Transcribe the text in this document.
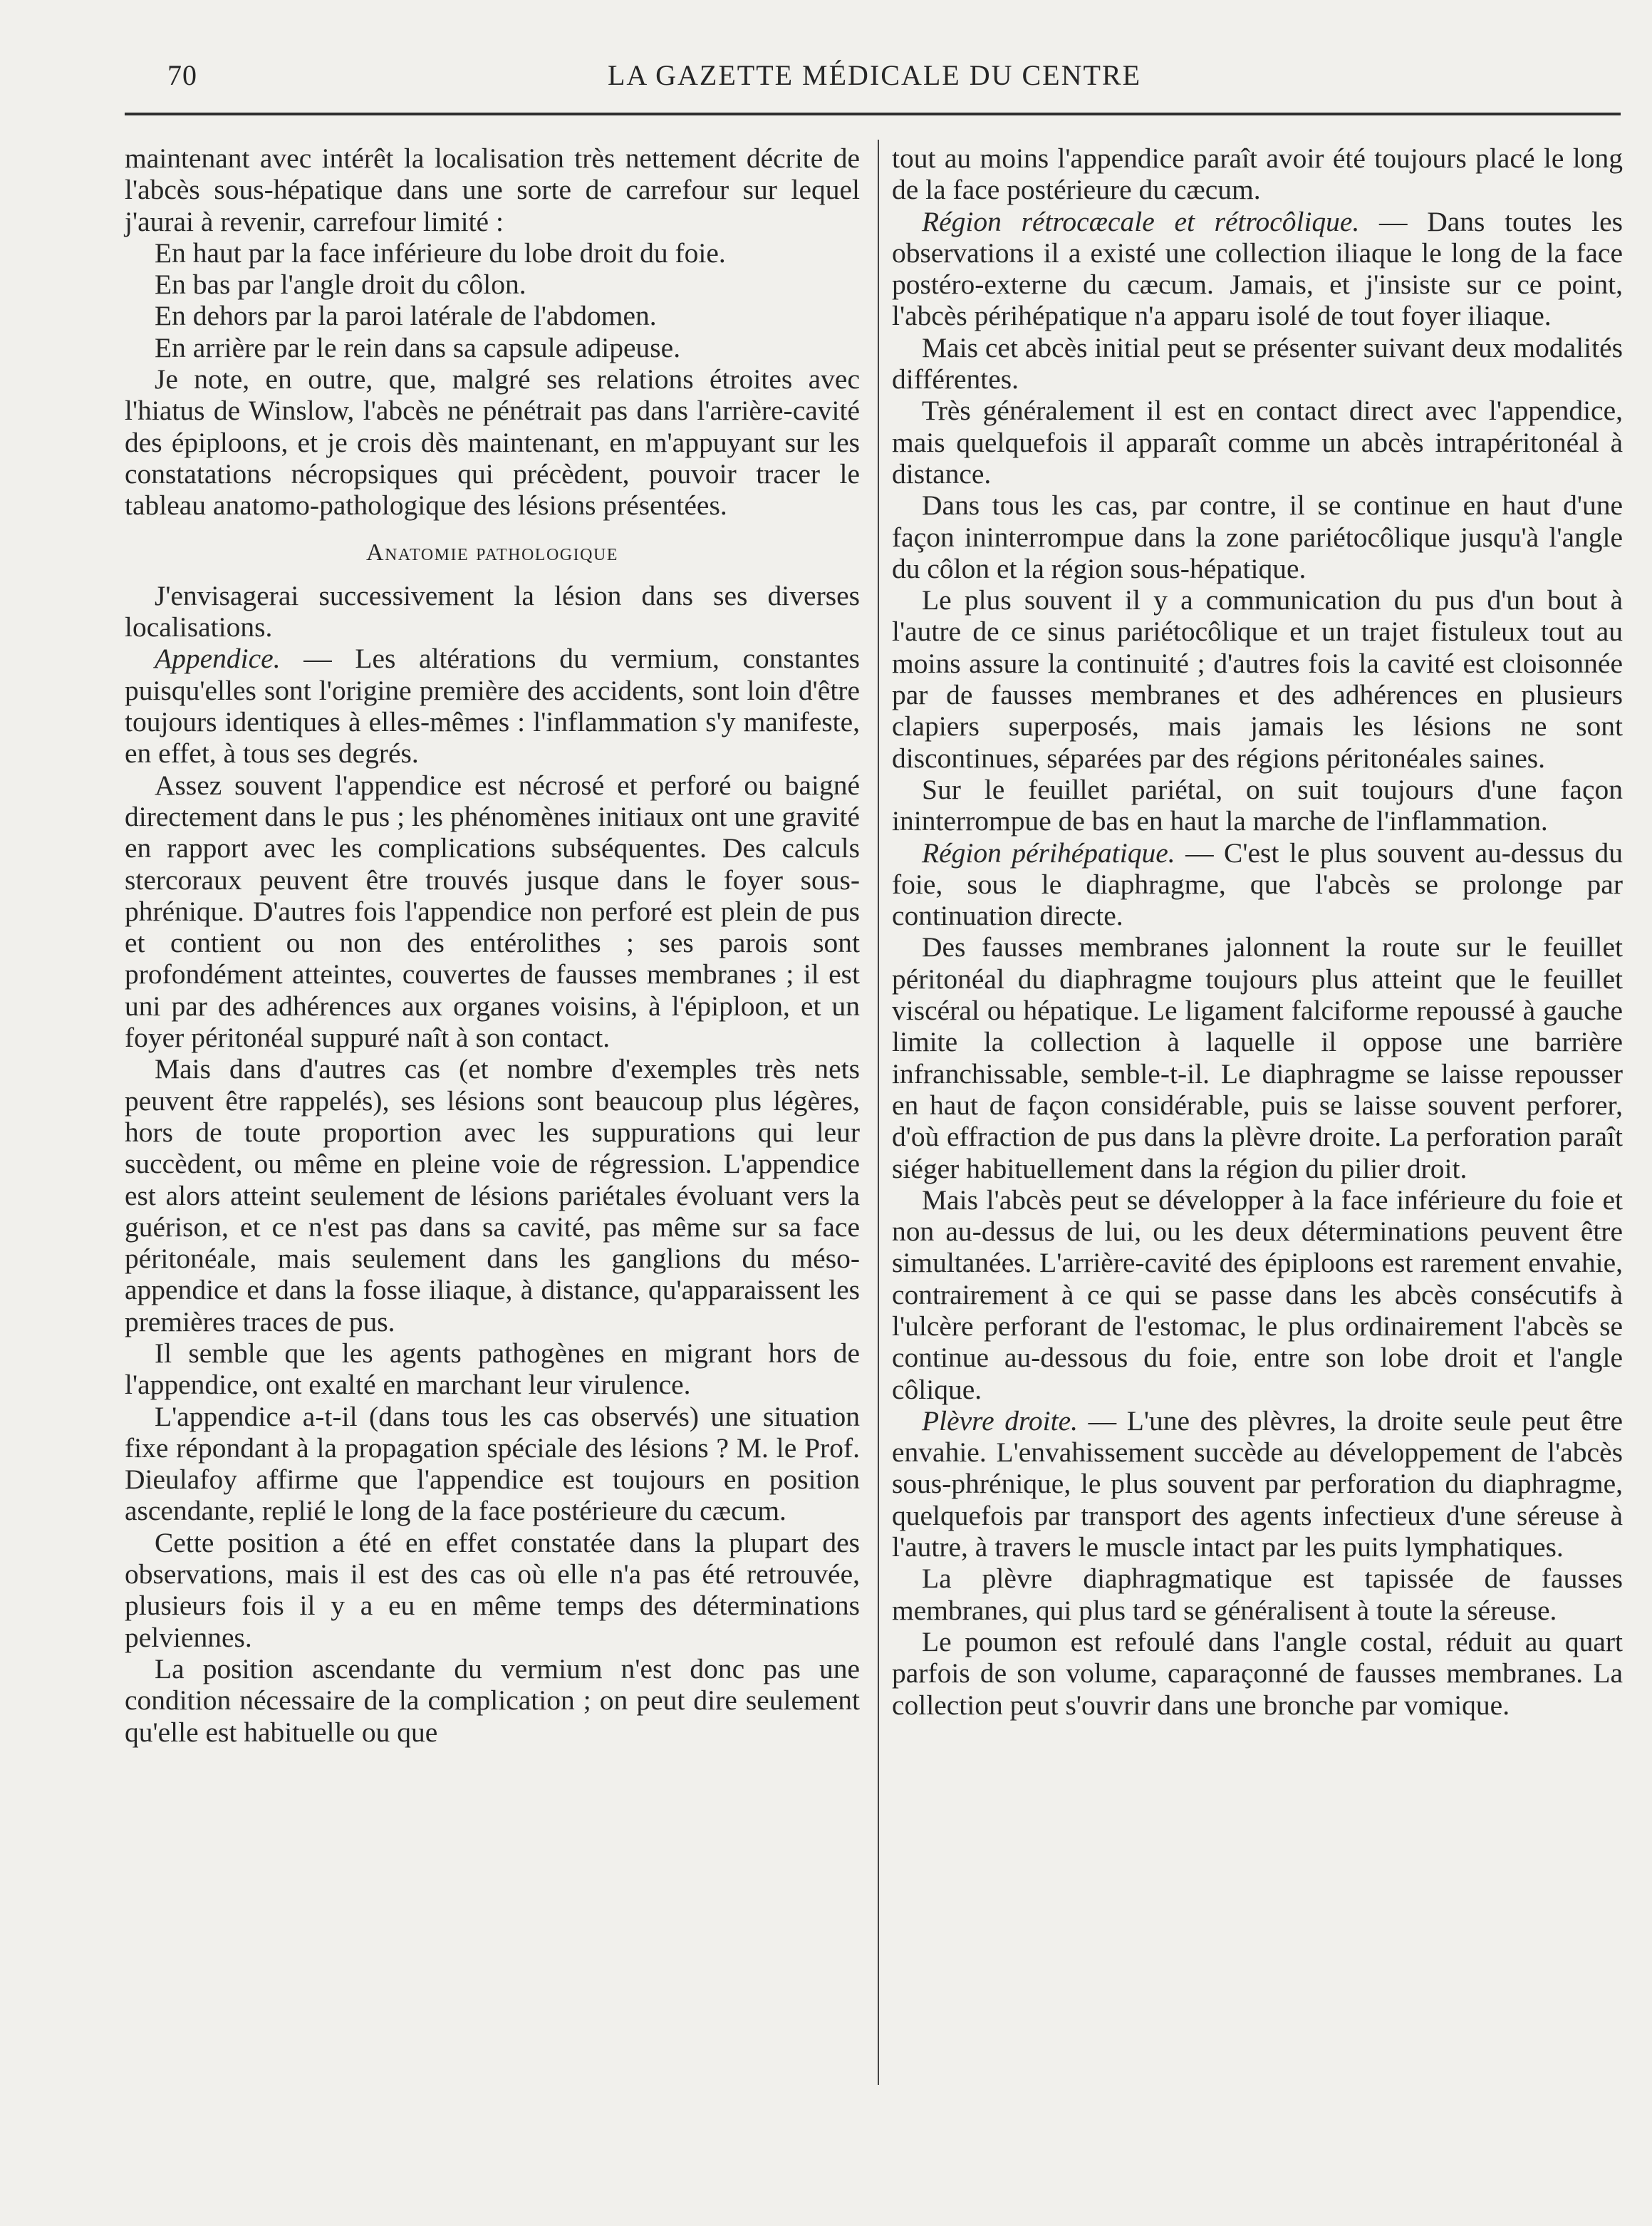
70	LA GAZETTE MÉDICALE DU CENTRE

maintenant avec intérêt la localisation très nettement décrite de l'abcès sous-hépatique dans une sorte de carrefour sur lequel j'aurai à revenir, carrefour limité :

En haut par la face inférieure du lobe droit du foie.

En bas par l'angle droit du côlon.

En dehors par la paroi latérale de l'abdomen.

En arrière par le rein dans sa capsule adipeuse.

Je note, en outre, que, malgré ses relations étroites avec l'hiatus de Winslow, l'abcès ne pénétrait pas dans l'arrière-cavité des épiploons, et je crois dès maintenant, en m'appuyant sur les constatations nécropsiques qui précèdent, pouvoir tracer le tableau anatomo-pathologique des lésions présentées.

Anatomie pathologique

J'envisagerai successivement la lésion dans ses diverses localisations.

Appendice. — Les altérations du vermium, constantes puisqu'elles sont l'origine première des accidents, sont loin d'être toujours identiques à elles-mêmes : l'inflammation s'y manifeste, en effet, à tous ses degrés.

Assez souvent l'appendice est nécrosé et perforé ou baigné directement dans le pus ; les phénomènes initiaux ont une gravité en rapport avec les complications subséquentes. Des calculs stercoraux peuvent être trouvés jusque dans le foyer sous-phrénique. D'autres fois l'appendice non perforé est plein de pus et contient ou non des entérolithes ; ses parois sont profondément atteintes, couvertes de fausses membranes ; il est uni par des adhérences aux organes voisins, à l'épiploon, et un foyer péritonéal suppuré naît à son contact.

Mais dans d'autres cas (et nombre d'exemples très nets peuvent être rappelés), ses lésions sont beaucoup plus légères, hors de toute proportion avec les suppurations qui leur succèdent, ou même en pleine voie de régression. L'appendice est alors atteint seulement de lésions pariétales évoluant vers la guérison, et ce n'est pas dans sa cavité, pas même sur sa face péritonéale, mais seulement dans les ganglions du méso-appendice et dans la fosse iliaque, à distance, qu'apparaissent les premières traces de pus.

Il semble que les agents pathogènes en migrant hors de l'appendice, ont exalté en marchant leur virulence.

L'appendice a-t-il (dans tous les cas observés) une situation fixe répondant à la propagation spéciale des lésions ? M. le Prof. Dieulafoy affirme que l'appendice est toujours en position ascendante, replié le long de la face postérieure du cæcum.

Cette position a été en effet constatée dans la plupart des observations, mais il est des cas où elle n'a pas été retrouvée, plusieurs fois il y a eu en même temps des déterminations pelviennes.

La position ascendante du vermium n'est donc pas une condition nécessaire de la complication ; on peut dire seulement qu'elle est habituelle ou que

tout au moins l'appendice paraît avoir été toujours placé le long de la face postérieure du cæcum.

Région rétrocæcale et rétrocôlique. — Dans toutes les observations il a existé une collection iliaque le long de la face postéro-externe du cæcum. Jamais, et j'insiste sur ce point, l'abcès périhépatique n'a apparu isolé de tout foyer iliaque.

Mais cet abcès initial peut se présenter suivant deux modalités différentes.

Très généralement il est en contact direct avec l'appendice, mais quelquefois il apparaît comme un abcès intrapéritonéal à distance.

Dans tous les cas, par contre, il se continue en haut d'une façon ininterrompue dans la zone pariétocôlique jusqu'à l'angle du côlon et la région sous-hépatique.

Le plus souvent il y a communication du pus d'un bout à l'autre de ce sinus pariétocôlique et un trajet fistuleux tout au moins assure la continuité ; d'autres fois la cavité est cloisonnée par de fausses membranes et des adhérences en plusieurs clapiers superposés, mais jamais les lésions ne sont discontinues, séparées par des régions péritonéales saines.

Sur le feuillet pariétal, on suit toujours d'une façon ininterrompue de bas en haut la marche de l'inflammation.

Région périhépatique. — C'est le plus souvent au-dessus du foie, sous le diaphragme, que l'abcès se prolonge par continuation directe.

Des fausses membranes jalonnent la route sur le feuillet péritonéal du diaphragme toujours plus atteint que le feuillet viscéral ou hépatique. Le ligament falciforme repoussé à gauche limite la collection à laquelle il oppose une barrière infranchissable, semble-t-il. Le diaphragme se laisse repousser en haut de façon considérable, puis se laisse souvent perforer, d'où effraction de pus dans la plèvre droite. La perforation paraît siéger habituellement dans la région du pilier droit.

Mais l'abcès peut se développer à la face inférieure du foie et non au-dessus de lui, ou les deux déterminations peuvent être simultanées. L'arrière-cavité des épiploons est rarement envahie, contrairement à ce qui se passe dans les abcès consécutifs à l'ulcère perforant de l'estomac, le plus ordinairement l'abcès se continue au-dessous du foie, entre son lobe droit et l'angle côlique.

Plèvre droite. — L'une des plèvres, la droite seule peut être envahie. L'envahissement succède au développement de l'abcès sous-phrénique, le plus souvent par perforation du diaphragme, quelquefois par transport des agents infectieux d'une séreuse à l'autre, à travers le muscle intact par les puits lymphatiques.

La plèvre diaphragmatique est tapissée de fausses membranes, qui plus tard se généralisent à toute la séreuse.

Le poumon est refoulé dans l'angle costal, réduit au quart parfois de son volume, caparaçonné de fausses membranes. La collection peut s'ouvrir dans une bronche par vomique.
